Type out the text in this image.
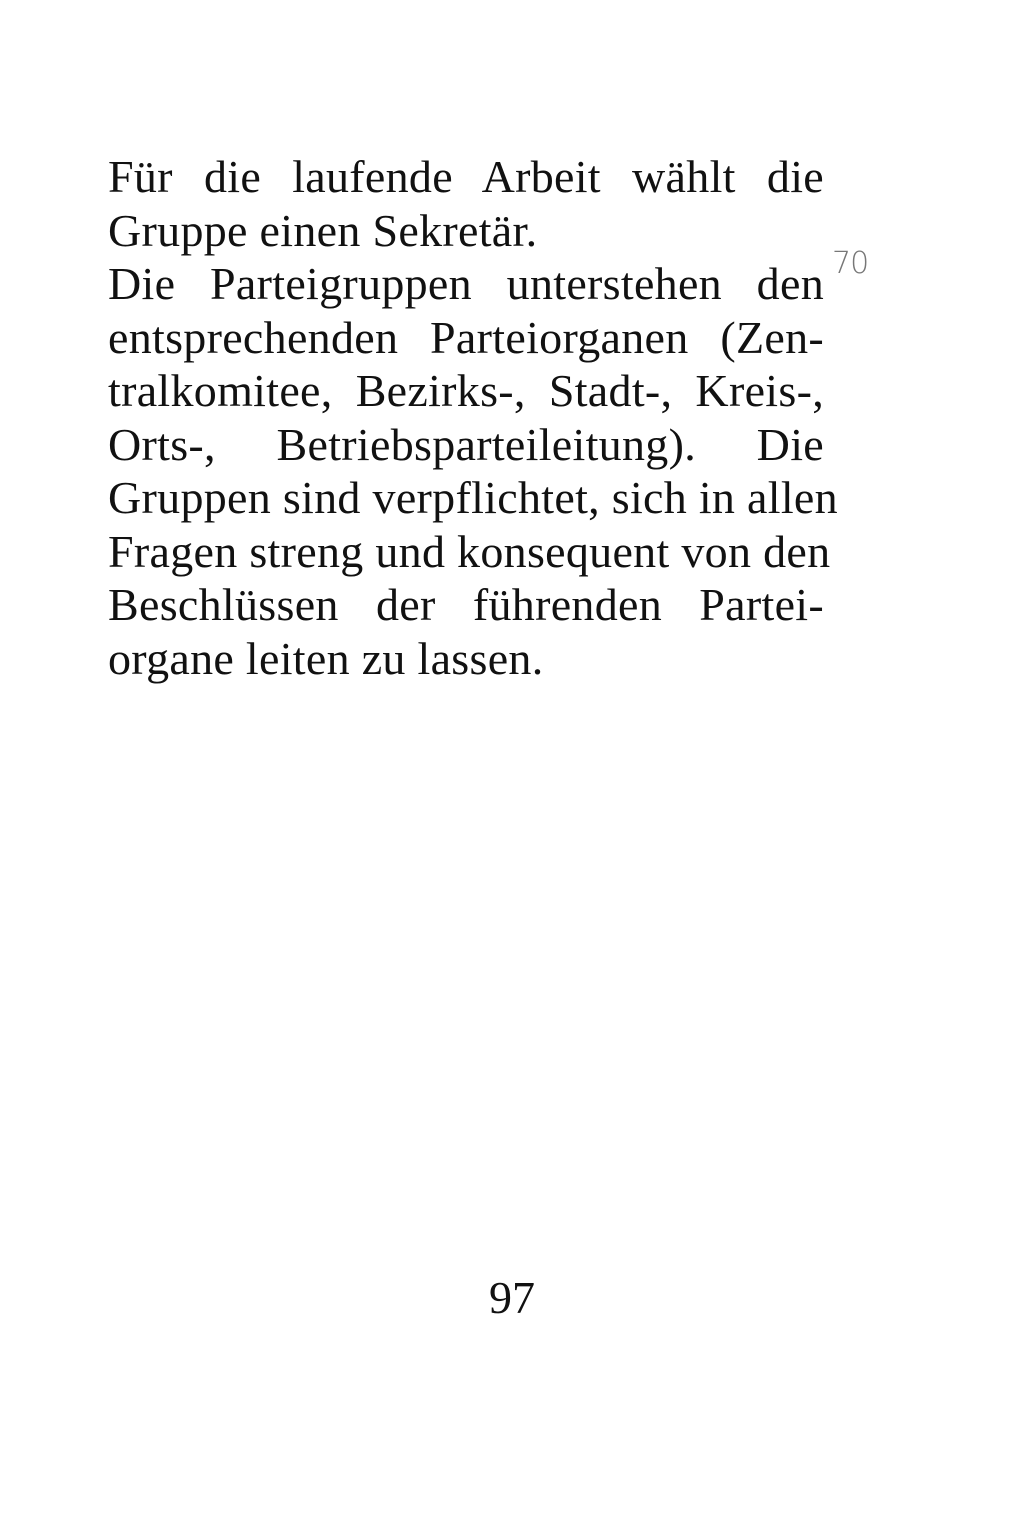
Für die laufende Arbeit wählt die
Gruppe einen Sekretär.
Die Parteigruppen unterstehen den
entsprechenden Parteiorganen (Zen-
tralkomitee, Bezirks-, Stadt-, Kreis-,
Orts-, Betriebsparteileitung). Die
Gruppen sind verpflichtet, sich in allen
Fragen streng und konsequent von den
Beschlüssen der führenden Partei-
organe leiten zu lassen.
70
97
